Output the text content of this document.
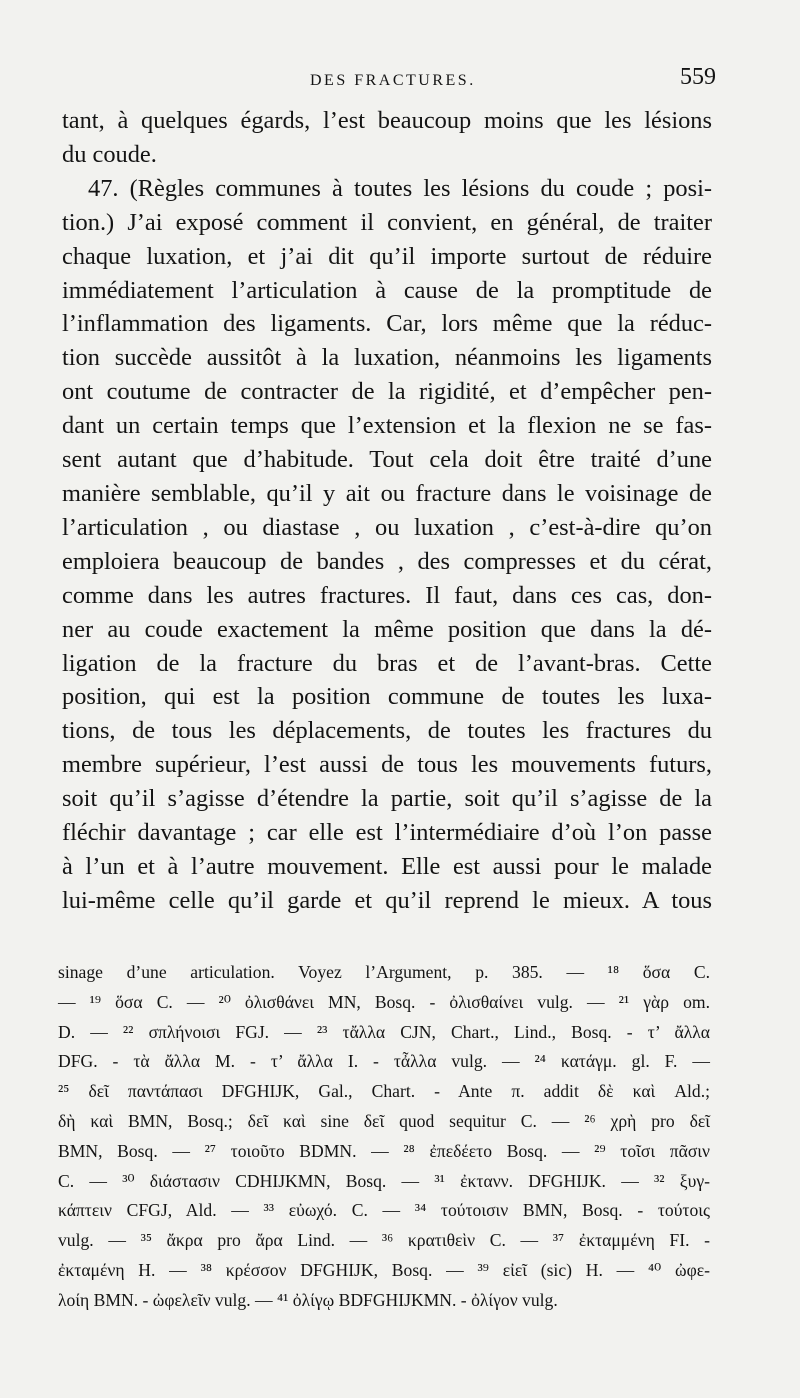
DES FRACTURES.	559
tant, à quelques égards, l’est beaucoup moins que les lésions
du coude.
47. (Règles communes à toutes les lésions du coude ; posi-
tion.) J’ai exposé comment il convient, en général, de traiter
chaque luxation, et j’ai dit qu’il importe surtout de réduire
immédiatement l’articulation à cause de la promptitude de
l’inflammation des ligaments. Car, lors même que la réduc-
tion succède aussitôt à la luxation, néanmoins les ligaments
ont coutume de contracter de la rigidité, et d’empêcher pen-
dant un certain temps que l’extension et la flexion ne se fas-
sent autant que d’habitude. Tout cela doit être traité d’une
manière semblable, qu’il y ait ou fracture dans le voisinage de
l’articulation , ou diastase , ou luxation , c’est-à-dire qu’on
emploiera beaucoup de bandes , des compresses et du cérat,
comme dans les autres fractures. Il faut, dans ces cas, don-
ner au coude exactement la même position que dans la dé-
ligation de la fracture du bras et de l’avant-bras. Cette
position, qui est la position commune de toutes les luxa-
tions, de tous les déplacements, de toutes les fractures du
membre supérieur, l’est aussi de tous les mouvements futurs,
soit qu’il s’agisse d’étendre la partie, soit qu’il s’agisse de la
fléchir davantage ; car elle est l’intermédiaire d’où l’on passe
à l’un et à l’autre mouvement. Elle est aussi pour le malade
lui-même celle qu’il garde et qu’il reprend le mieux. A tous
sinage d’une articulation. Voyez l’Argument, p. 385. — ¹⁸ ὅσα C.
— ¹⁹ ὅσα C. — ²⁰ ὀλισθάνει MN, Bosq. - ὀλισθαίνει vulg. — ²¹ γὰρ om.
D. — ²² σπλήνοισι FGJ. — ²³ τἄλλα CJN, Chart., Lind., Bosq. - τ’ ἄλλα
DFG. - τὰ ἄλλα M. - τ’ ἄλλα I. - τἆλλα vulg. — ²⁴ κατάγμ. gl. F. —
²⁵ δεῖ παντάπασι DFGHIJK, Gal., Chart. - Ante π. addit δὲ καὶ Ald.;
δὴ καὶ BMN, Bosq.; δεῖ καὶ sine δεῖ quod sequitur C. — ²⁶ χρὴ pro δεῖ
BMN, Bosq. — ²⁷ τοιοῦτο BDMN. — ²⁸ ἐπεδέετο Bosq. — ²⁹ τοῖσι πᾶσιν
C. — ³⁰ διάστασιν CDHIJKMN, Bosq. — ³¹ ἐκτανν. DFGHIJK. — ³² ξυγ-
κάπτειν CFGJ, Ald. — ³³ εὐωχό. C. — ³⁴ τούτοισιν BMN, Bosq. - τούτοις
vulg. — ³⁵ ἄκρα pro ἄρα Lind. — ³⁶ κρατιθεὶν C. — ³⁷ ἐκταμμένη FI. -
ἐκταμένη H. — ³⁸ κρέσσον DFGHIJK, Bosq. — ³⁹ εἰεῖ (sic) H. — ⁴⁰ ὠφε-
λοίη BMN. - ὠφελεῖν vulg. — ⁴¹ ὀλίγῳ BDFGHIJKMN. - ὀλίγον vulg.
